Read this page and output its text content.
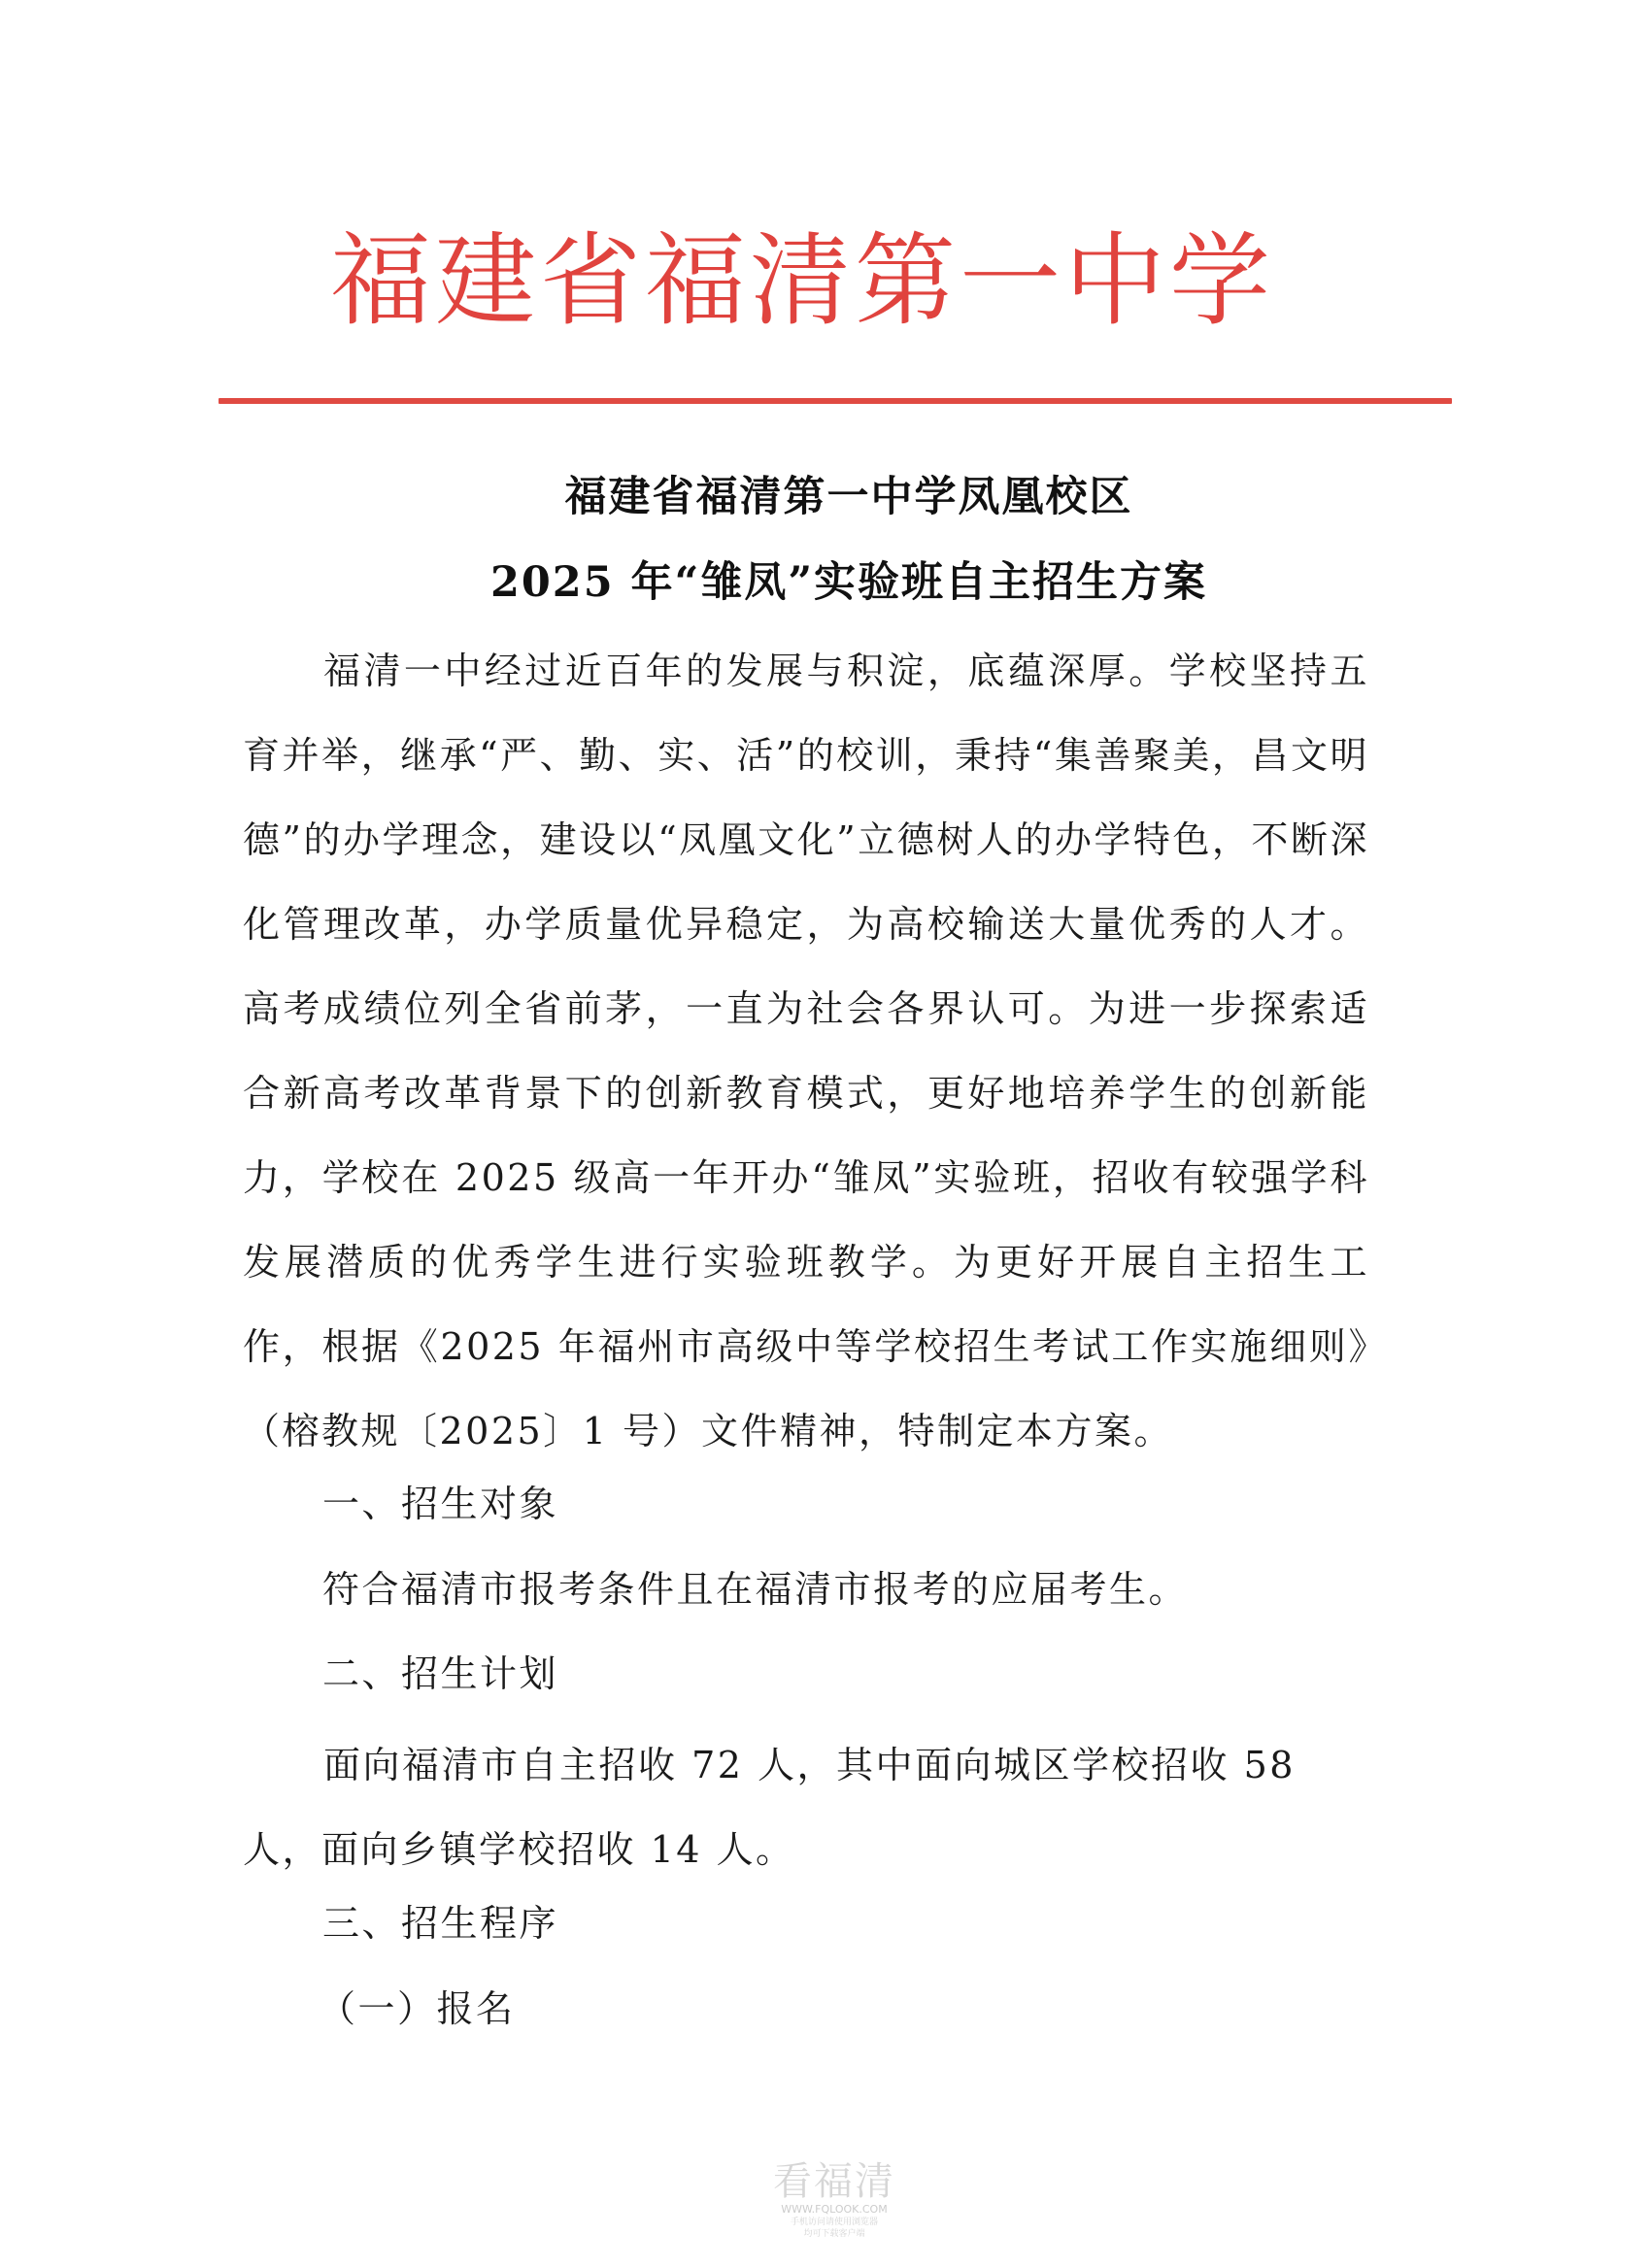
福建省福清第一中学
福建省福清第一中学凤凰校区
2025 年“雏凤”实验班自主招生方案

福清一中经过近百年的发展与积淀，底蕴深厚。学校坚持五育并举，继承“严、勤、实、活”的校训，秉持“集善聚美，昌文明德”的办学理念，建设以“凤凰文化”立德树人的办学特色，不断深化管理改革，办学质量优异稳定，为高校输送大量优秀的人才。高考成绩位列全省前茅，一直为社会各界认可。为进一步探索适合新高考改革背景下的创新教育模式，更好地培养学生的创新能力，学校在 2025 级高一年开办“雏凤”实验班，招收有较强学科发展潜质的优秀学生进行实验班教学。为更好开展自主招生工作，根据《2025 年福州市高级中等学校招生考试工作实施细则》（榕教规〔2025〕1 号）文件精神，特制定本方案。

一、招生对象
符合福清市报考条件且在福清市报考的应届考生。
二、招生计划

面向福清市自主招收 72 人，其中面向城区学校招收 58 人，面向乡镇学校招收 14 人。

三、招生程序
（一）报名
看福清
WWW.FQLOOK.COM
手机访问请使用浏览器
均可下载客户端
